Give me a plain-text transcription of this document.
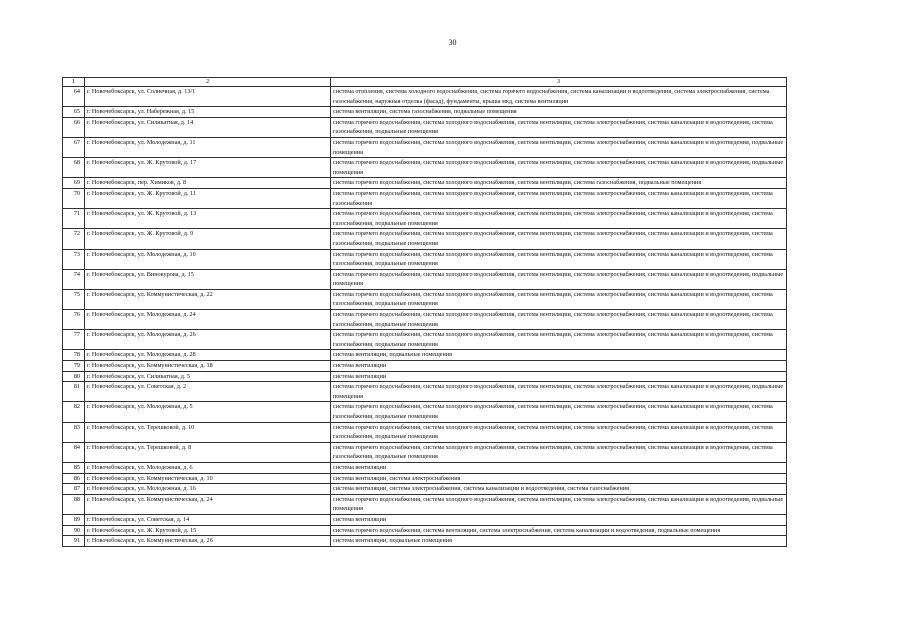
30
1	2	3
64	г. Новочебоксарск, ул. Солнечная, д. 13/1	система отопления, система холодного водоснабжения, система горячего водоснабжения, система канализации и водоотведения, система электроснабжения, система газоснабжения, наружная отделка (фасад), фундаменты, крыша мкд, система вентиляции
65	г. Новочебоксарск, ул. Набережная, д. 15	система вентиляции, система газоснабжения, подвальные помещения
66	г. Новочебоксарск, ул. Силикатная, д. 14	система горячего водоснабжения, система холодного водоснабжения, система вентиляции, система электроснабжения, система канализации и водоотведения, система газоснабжения, подвальные помещения
67	г. Новочебоксарск, ул. Молодежная, д. 11	система горячего водоснабжения, система холодного водоснабжения, система вентиляции, система электроснабжения, система канализации и водоотведения, подвальные помещения
68	г. Новочебоксарск, ул. Ж. Крутовой, д. 17	система горячего водоснабжения, система холодного водоснабжения, система вентиляции, система электроснабжения, система канализации и водоотведения, подвальные помещения
69	г. Новочебоксарск, пер. Химиков, д. 8	система горячего водоснабжения, система холодного водоснабжения, система вентиляции, система газоснабжения, подвальные помещения
70	г. Новочебоксарск, ул. Ж. Крутовой, д. 11	система горячего водоснабжения, система холодного водоснабжения, система вентиляции, система электроснабжения, система канализации и водоотведения, система газоснабжения
71	г. Новочебоксарск, ул. Ж. Крутовой, д. 13	система горячего водоснабжения, система холодного водоснабжения, система вентиляции, система электроснабжения, система канализации и водоотведения, система газоснабжения, подвальные помещения
72	г. Новочебоксарск, ул. Ж. Крутовой, д. 9	система горячего водоснабжения, система холодного водоснабжения, система вентиляции, система электроснабжения, система канализации и водоотведения, система газоснабжения, подвальные помещения
73	г. Новочебоксарск, ул. Молодежная, д. 10	система горячего водоснабжения, система холодного водоснабжения, система вентиляции, система электроснабжения, система канализации и водоотведения, система газоснабжения, подвальные помещения
74	г. Новочебоксарск, ул. Винокурова, д. 15	система горячего водоснабжения, система холодного водоснабжения, система вентиляции, система электроснабжения, система канализации и водоотведения, подвальные помещения
75	г. Новочебоксарск, ул. Коммунистическая, д. 22	система горячего водоснабжения, система холодного водоснабжения, система вентиляции, система электроснабжения, система канализации и водоотведения, система газоснабжения, подвальные помещения
76	г. Новочебоксарск, ул. Молодежная, д. 24	система горячего водоснабжения, система холодного водоснабжения, система вентиляции, система электроснабжения, система канализации и водоотведения, система газоснабжения, подвальные помещения
77	г. Новочебоксарск, ул. Молодежная, д. 26	система горячего водоснабжения, система холодного водоснабжения, система вентиляции, система электроснабжения, система канализации и водоотведения, система газоснабжения, подвальные помещения
78	г. Новочебоксарск, ул. Молодежная, д. 28	система вентиляции, подвальные помещения
79	г. Новочебоксарск, ул. Коммунистическая, д. 18	система вентиляции
80	г. Новочебоксарск, ул. Силикатная, д. 5	система вентиляции
81	г. Новочебоксарск, ул. Советская, д. 2	система горячего водоснабжения, система холодного водоснабжения, система вентиляции, система электроснабжения, система канализации и водоотведения, подвальные помещения
82	г. Новочебоксарск, ул. Молодежная, д. 5	система горячего водоснабжения, система холодного водоснабжения, система вентиляции, система электроснабжения, система канализации и водоотведения, система газоснабжения, подвальные помещения
83	г. Новочебоксарск, ул. Терешковой, д. 10	система горячего водоснабжения, система холодного водоснабжения, система вентиляции, система электроснабжения, система канализации и водоотведения, система газоснабжения, подвальные помещения
84	г. Новочебоксарск, ул. Терешковой, д. 8	система горячего водоснабжения, система холодного водоснабжения, система вентиляции, система электроснабжения, система канализации и водоотведения, система газоснабжения, подвальные помещения
85	г. Новочебоксарск, ул. Молодежная, д. 6	система вентиляции
86	г. Новочебоксарск, ул. Коммунистическая, д. 10	система вентиляции, система электроснабжения
87	г. Новочебоксарск, ул. Молодежная, д. 16	система вентиляции, система электроснабжения, система канализации и водоотведения, система газоснабжения
88	г. Новочебоксарск, ул. Коммунистическая, д. 24	система горячего водоснабжения, система холодного водоснабжения, система вентиляции, система электроснабжения, система канализации и водоотведения, подвальные помещения
89	г. Новочебоксарск, ул. Советская, д. 14	система вентиляции
90	г. Новочебоксарск, ул. Ж. Крутовой, д. 15	система горячего водоснабжения, система вентиляции, система электроснабжения, система канализации и водоотведения, подвальные помещения
91	г. Новочебоксарск, ул. Коммунистическая, д. 26	система вентиляции, подвальные помещения
